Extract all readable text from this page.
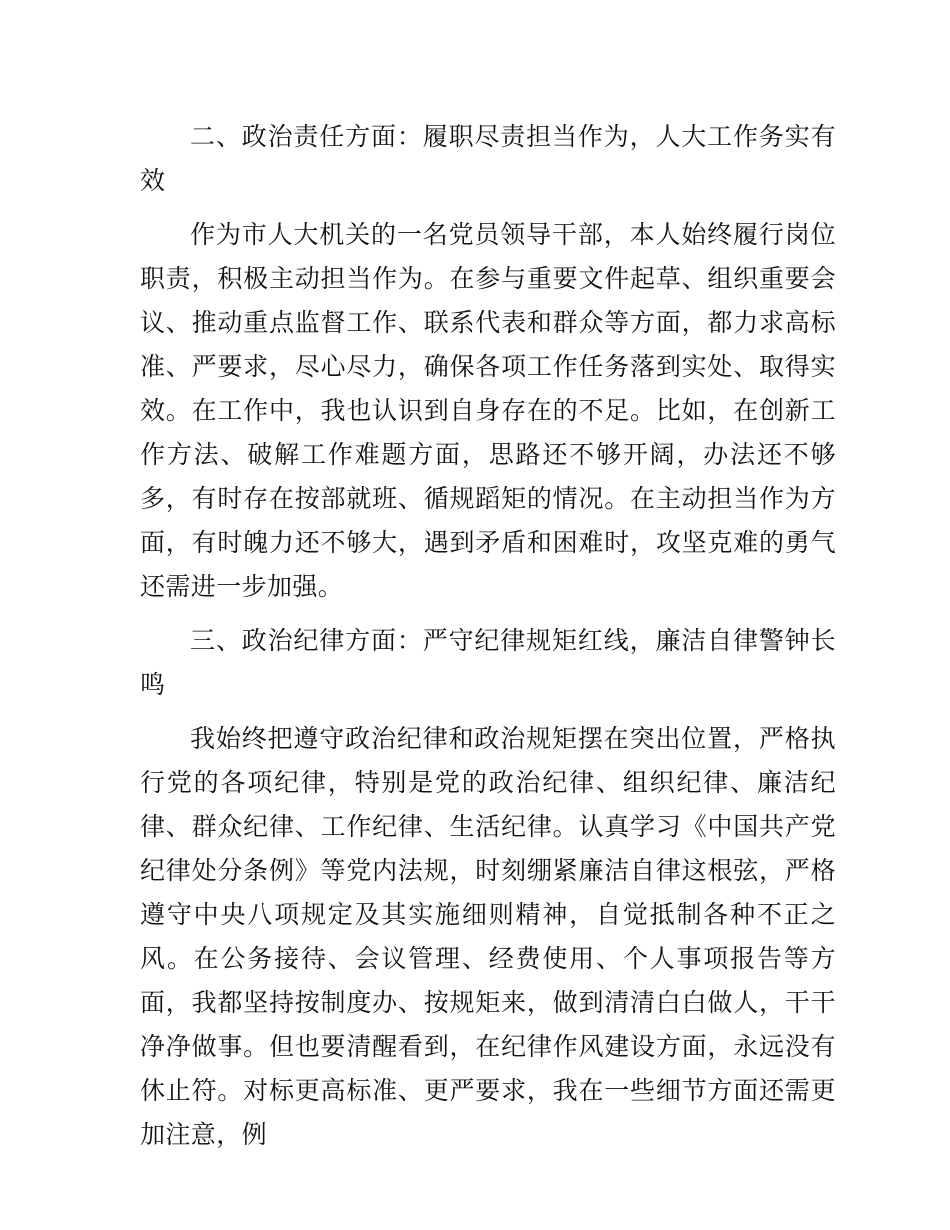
二、政治责任方面：履职尽责担当作为，人大工作务实有效

作为市人大机关的一名党员领导干部，本人始终履行岗位职责，积极主动担当作为。在参与重要文件起草、组织重要会议、推动重点监督工作、联系代表和群众等方面，都力求高标准、严要求，尽心尽力，确保各项工作任务落到实处、取得实效。在工作中，我也认识到自身存在的不足。比如，在创新工作方法、破解工作难题方面，思路还不够开阔，办法还不够多，有时存在按部就班、循规蹈矩的情况。在主动担当作为方面，有时魄力还不够大，遇到矛盾和困难时，攻坚克难的勇气还需进一步加强。

三、政治纪律方面：严守纪律规矩红线，廉洁自律警钟长鸣

我始终把遵守政治纪律和政治规矩摆在突出位置，严格执行党的各项纪律，特别是党的政治纪律、组织纪律、廉洁纪律、群众纪律、工作纪律、生活纪律。认真学习《中国共产党纪律处分条例》等党内法规，时刻绷紧廉洁自律这根弦，严格遵守中央八项规定及其实施细则精神，自觉抵制各种不正之风。在公务接待、会议管理、经费使用、个人事项报告等方面，我都坚持按制度办、按规矩来，做到清清白白做人，干干净净做事。但也要清醒看到，在纪律作风建设方面，永远没有休止符。对标更高标准、更严要求，我在一些细节方面还需更加注意，例
